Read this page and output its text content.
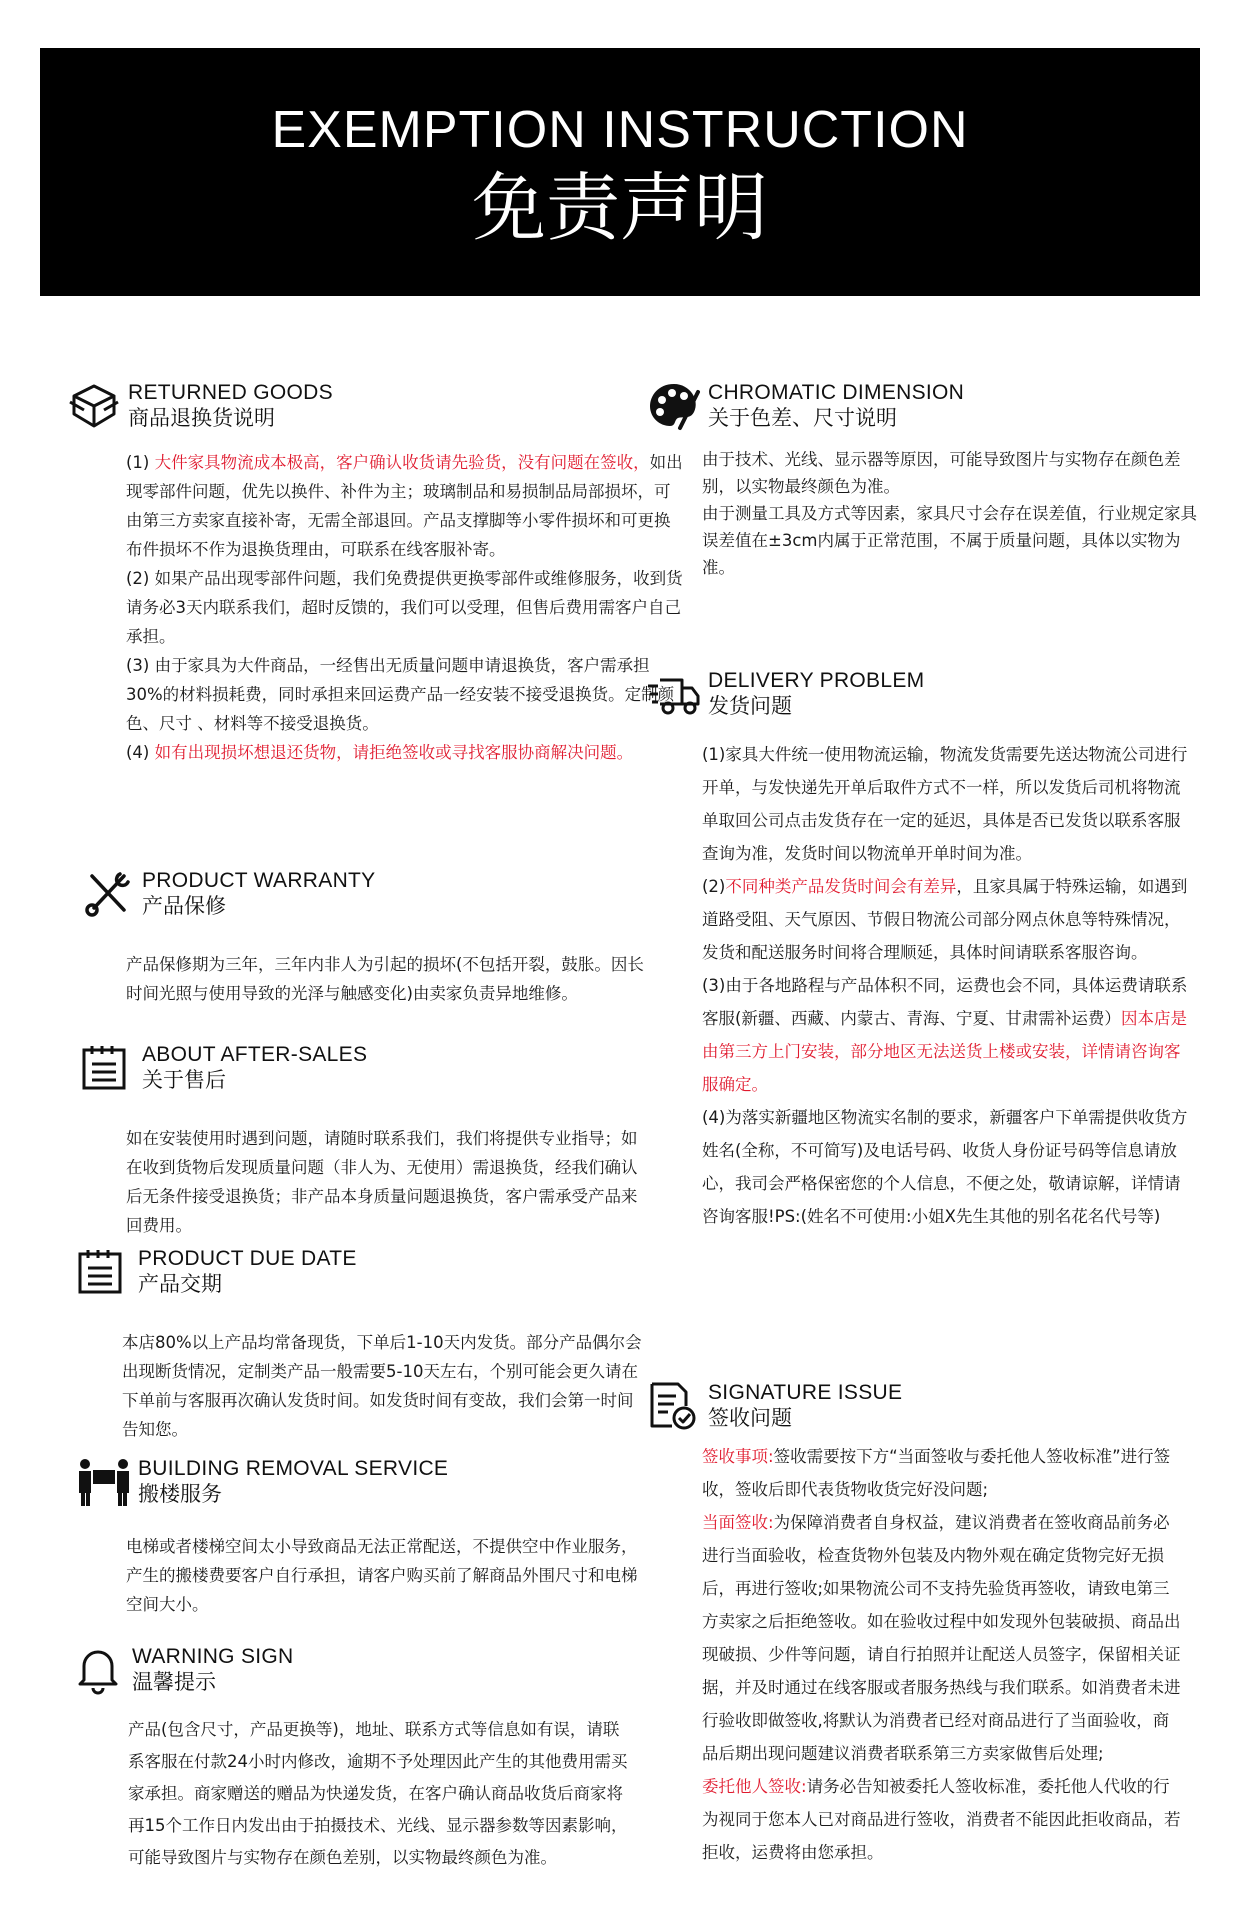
EXEMPTION INSTRUCTION
免责声明
RETURNED GOODS
商品退换货说明

(1) 大件家具物流成本极高，客户确认收货请先验货，没有问题在签收，如出现零部件问题，优先以换件、补件为主；玻璃制品和易损制品局部损坏，可由第三方卖家直接补寄，无需全部退回。产品支撑脚等小零件损坏和可更换布件损坏不作为退换货理由，可联系在线客服补寄。

(2) 如果产品出现零部件问题，我们免费提供更换零部件或维修服务，收到货请务必3天内联系我们，超时反馈的，我们可以受理，但售后费用需客户自己承担。

(3) 由于家具为大件商品，一经售出无质量问题申请退换货，客户需承担30%的材料损耗费，同时承担来回运费产品一经安装不接受退换货。定制颜色、尺寸 、材料等不接受退换货。

(4) 如有出现损坏想退还货物，请拒绝签收或寻找客服协商解决问题。

PRODUCT WARRANTY
产品保修
产品保修期为三年，三年内非人为引起的损坏(不包括开裂，鼓胀。因长时间光照与使用导致的光泽与触感变化)由卖家负责异地维修。
ABOUT AFTER-SALES
关于售后
如在安装使用时遇到问题，请随时联系我们，我们将提供专业指导；如在收到货物后发现质量问题（非人为、无使用）需退换货，经我们确认后无条件接受退换货；非产品本身质量问题退换货，客户需承受产品来回费用。
PRODUCT DUE DATE
产品交期
本店80%以上产品均常备现货，下单后1-10天内发货。部分产品偶尔会出现断货情况，定制类产品一般需要5-10天左右，个别可能会更久请在下单前与客服再次确认发货时间。如发货时间有变故，我们会第一时间告知您。
BUILDING REMOVAL SERVICE
搬楼服务
电梯或者楼梯空间太小导致商品无法正常配送，不提供空中作业服务，产生的搬楼费要客户自行承担，请客户购买前了解商品外围尺寸和电梯空间大小。
WARNING SIGN
温馨提示
产品(包含尺寸，产品更换等)，地址、联系方式等信息如有误，请联系客服在付款24小时内修改，逾期不予处理因此产生的其他费用需买家承担。商家赠送的赠品为快递发货，在客户确认商品收货后商家将再15个工作日内发出由于拍摄技术、光线、显示器参数等因素影响，可能导致图片与实物存在颜色差别，以实物最终颜色为准。
CHROMATIC DIMENSION
关于色差、尺寸说明

由于技术、光线、显示器等原因，可能导致图片与实物存在颜色差别，以实物最终颜色为准。

由于测量工具及方式等因素，家具尺寸会存在误差值，行业规定家具误差值在±3cm内属于正常范围，不属于质量问题，具体以实物为准。

DELIVERY PROBLEM
发货问题

(1)家具大件统一使用物流运输，物流发货需要先送达物流公司进行开单，与发快递先开单后取件方式不一样，所以发货后司机将物流单取回公司点击发货存在一定的延迟，具体是否已发货以联系客服查询为准，发货时间以物流单开单时间为准。

(2)不同种类产品发货时间会有差异，且家具属于特殊运输，如遇到道路受阻、天气原因、节假日物流公司部分网点休息等特殊情况，发货和配送服务时间将合理顺延，具体时间请联系客服咨询。

(3)由于各地路程与产品体积不同，运费也会不同，具体运费请联系客服(新疆、西藏、内蒙古、青海、宁夏、甘肃需补运费）因本店是由第三方上门安装，部分地区无法送货上楼或安装，详情请咨询客服确定。

(4)为落实新疆地区物流实名制的要求，新疆客户下单需提供收货方姓名(全称，不可简写)及电话号码、收货人身份证号码等信息请放心，我司会严格保密您的个人信息，不便之处，敬请谅解，详情请咨询客服!PS:(姓名不可使用:小姐X先生其他的别名花名代号等)

SIGNATURE ISSUE
签收问题

签收事项:签收需要按下方“当面签收与委托他人签收标准”进行签收，签收后即代表货物收货完好没问题;

当面签收:为保障消费者自身权益，建议消费者在签收商品前务必进行当面验收，检查货物外包装及内物外观在确定货物完好无损后，再进行签收;如果物流公司不支持先验货再签收，请致电第三方卖家之后拒绝签收。如在验收过程中如发现外包装破损、商品出现破损、少件等问题，请自行拍照并让配送人员签字，保留相关证据，并及时通过在线客服或者服务热线与我们联系。如消费者未进行验收即做签收,将默认为消费者已经对商品进行了当面验收，商品后期出现问题建议消费者联系第三方卖家做售后处理;

委托他人签收:请务必告知被委托人签收标准，委托他人代收的行为视同于您本人已对商品进行签收，消费者不能因此拒收商品，若拒收，运费将由您承担。
